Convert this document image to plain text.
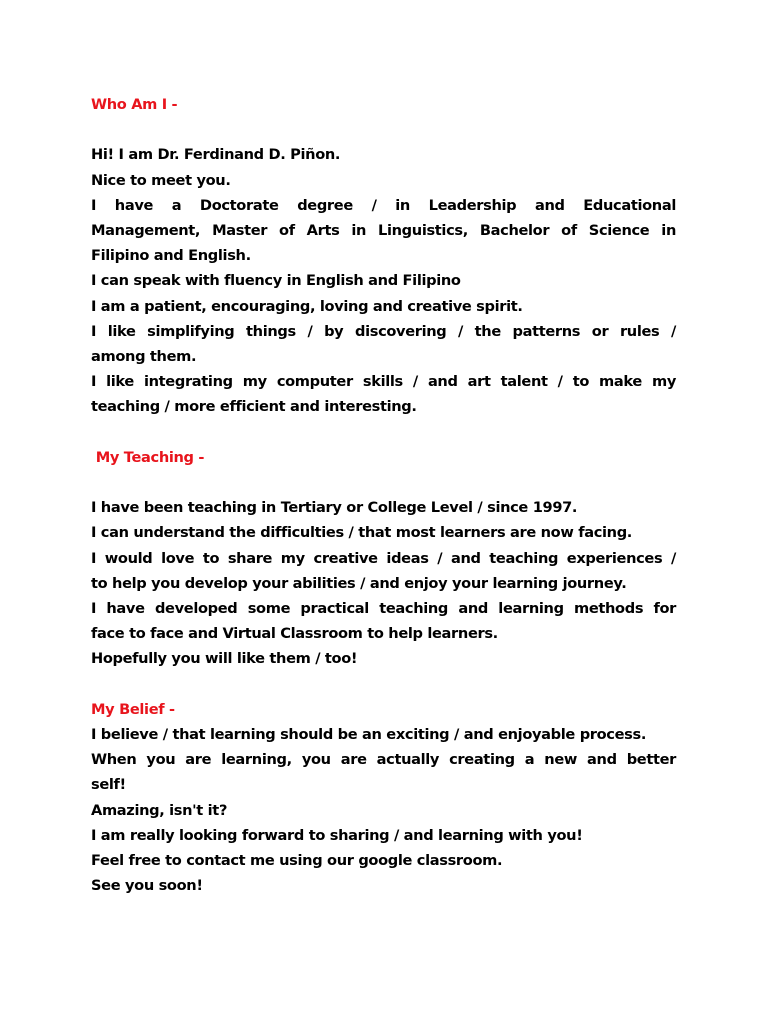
Who Am I -
Hi! I am Dr. Ferdinand D. Piñon.
Nice to meet you.
I have a Doctorate degree / in Leadership and Educational
Management, Master of Arts in Linguistics, Bachelor of Science in
Filipino and English.
I can speak with fluency in English and Filipino
I am a patient, encouraging, loving and creative spirit.
I like simplifying things / by discovering / the patterns or rules /
among them.
I like integrating my computer skills / and art talent / to make my
teaching / more efficient and interesting.
My Teaching -
I have been teaching in Tertiary or College Level / since 1997.
I can understand the difficulties / that most learners are now facing.
I would love to share my creative ideas / and teaching experiences /
to help you develop your abilities / and enjoy your learning journey.
I have developed some practical teaching and learning methods for
face to face and Virtual Classroom to help learners.
Hopefully you will like them / too!
My Belief -
I believe / that learning should be an exciting / and enjoyable process.
When you are learning, you are actually creating a new and better
self!
Amazing, isn't it?
I am really looking forward to sharing / and learning with you!
Feel free to contact me using our google classroom.
See you soon!
